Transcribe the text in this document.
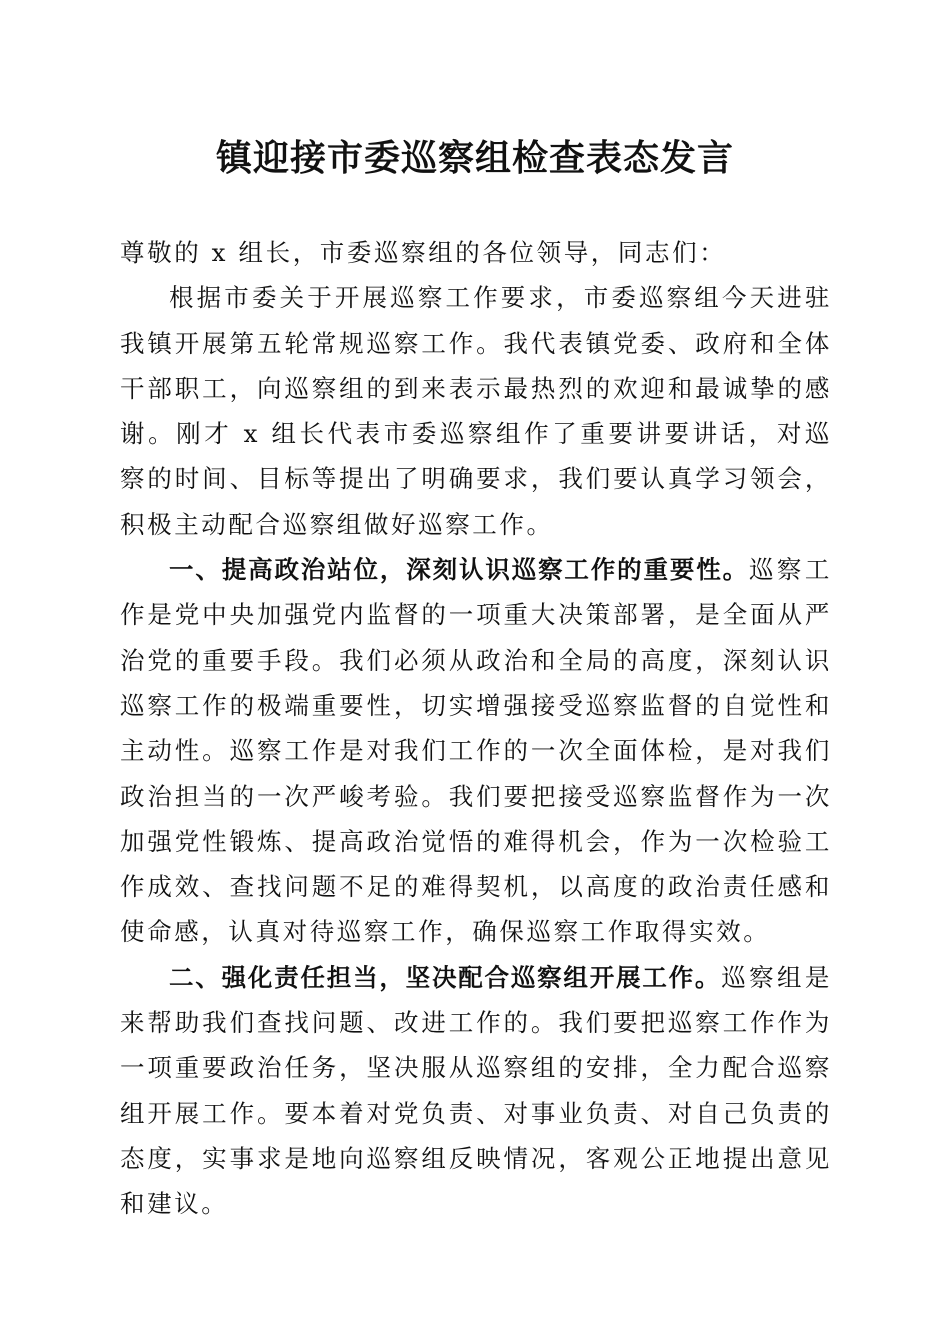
镇迎接市委巡察组检查表态发言

尊敬的 x 组长，市委巡察组的各位领导，同志们：

根据市委关于开展巡察工作要求，市委巡察组今天进驻我镇开展第五轮常规巡察工作。我代表镇党委、政府和全体干部职工，向巡察组的到来表示最热烈的欢迎和最诚挚的感谢。刚才 x 组长代表市委巡察组作了重要讲要讲话，对巡察的时间、目标等提出了明确要求，我们要认真学习领会，积极主动配合巡察组做好巡察工作。

一、提高政治站位，深刻认识巡察工作的重要性。巡察工作是党中央加强党内监督的一项重大决策部署，是全面从严治党的重要手段。我们必须从政治和全局的高度，深刻认识巡察工作的极端重要性，切实增强接受巡察监督的自觉性和主动性。巡察工作是对我们工作的一次全面体检，是对我们政治担当的一次严峻考验。我们要把接受巡察监督作为一次加强党性锻炼、提高政治觉悟的难得机会，作为一次检验工作成效、查找问题不足的难得契机，以高度的政治责任感和使命感，认真对待巡察工作，确保巡察工作取得实效。

二、强化责任担当，坚决配合巡察组开展工作。巡察组是来帮助我们查找问题、改进工作的。我们要把巡察工作作为一项重要政治任务，坚决服从巡察组的安排，全力配合巡察组开展工作。要本着对党负责、对事业负责、对自己负责的态度，实事求是地向巡察组反映情况，客观公正地提出意见和建议。
